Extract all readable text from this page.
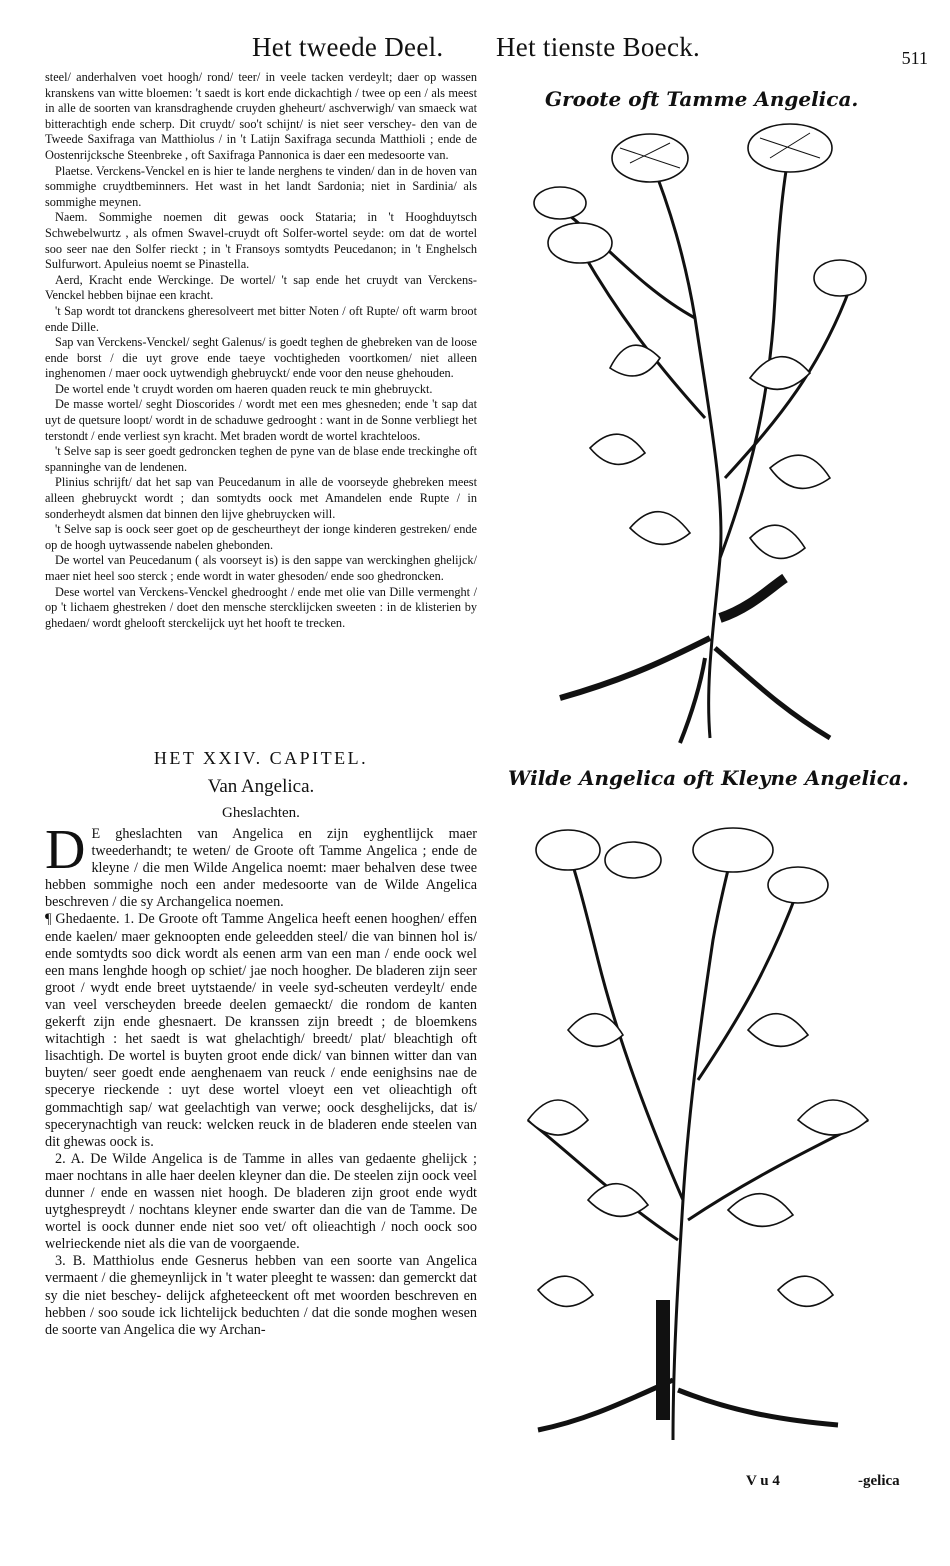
Het tweede Deel. Het tienste Boeck.	511

steel/ anderhalven voet hoogh/ rond/ teer/ in veele tacken verdeylt; daer op wassen kranskens van witte bloemen: 't saedt is kort ende dickachtigh / twee op een / als meest in alle de soorten van kransdraghende cruyden gheheurt/ aschverwigh/ van smaeck wat bitterachtigh ende scherp. Dit cruydt/ soo't schijnt/ is niet seer verschey- den van de Tweede Saxifraga van Matthiolus / in 't Latijn Saxifraga secunda Matthioli ; ende de Oostenrijcksche Steenbreke , oft Saxifraga Pannonica is daer een medesoorte van.

Plaetse. Verckens-Venckel en is hier te lande nerghens te vinden/ dan in de hoven van sommighe cruydtbeminners. Het wast in het landt Sardonia; niet in Sardinia/ als sommighe meynen.

Naem. Sommighe noemen dit gewas oock Stataria; in 't Hooghduytsch Schwebelwurtz , als ofmen Swavel-cruydt oft Solfer-wortel seyde: om dat de wortel soo seer nae den Solfer rieckt ; in 't Fransoys somtydts Peucedanon; in 't Enghelsch Sulfurwort. Apuleius noemt se Pinastella.

Aerd, Kracht ende Werckinge. De wortel/ 't sap ende het cruydt van Verckens-Venckel hebben bijnae een kracht.

't Sap wordt tot dranckens gheresolveert met bitter Noten / oft Rupte/ oft warm broot ende Dille.

Sap van Verckens-Venckel/ seght Galenus/ is goedt teghen de ghebreken van de loose ende borst / die uyt grove ende taeye vochtigheden voortkomen/ niet alleen inghenomen / maer oock uytwendigh ghebruyckt/ ende voor den neuse ghehouden.

De wortel ende 't cruydt worden om haeren quaden reuck te min ghebruyckt.

De masse wortel/ seght Dioscorides / wordt met een mes ghesneden; ende 't sap dat uyt de quetsure loopt/ wordt in de schaduwe gedrooght : want in de Sonne verbliegt het terstondt / ende verliest syn kracht. Met braden wordt de wortel krachteloos.

't Selve sap is seer goedt gedroncken teghen de pyne van de blase ende treckinghe oft spanninghe van de lendenen.

Plinius schrijft/ dat het sap van Peucedanum in alle de voorseyde ghebreken meest alleen ghebruyckt wordt ; dan somtydts oock met Amandelen ende Rupte / in sonderheydt alsmen dat binnen den lijve ghebruycken will.

't Selve sap is oock seer goet op de gescheurtheyt der ionge kinderen gestreken/ ende op de hoogh uytwassende nabelen ghebonden.

De wortel van Peucedanum ( als voorseyt is) is den sappe van werckinghen ghelijck/ maer niet heel soo sterck ; ende wordt in water ghesoden/ ende soo ghedroncken.

Dese wortel van Verckens-Venckel ghedrooght / ende met olie van Dille vermenght / op 't lichaem ghestreken / doet den mensche stercklijcken sweeten : in de klisterien by ghedaen/ wordt ghelooft sterckelijck uyt het hooft te trecken.

HET XXIV. CAPITEL.
Van Angelica.
Gheslachten.

D E gheslachten van Angelica en zijn eyghentlijck maer tweederhandt; te weten/ de Groote oft Tamme Angelica ; ende de kleyne / die men Wilde Angelica noemt: maer behalven dese twee hebben sommighe noch een ander medesoorte van de Wilde Angelica beschreven / die sy Archangelica noemen.

¶ Ghedaente. 1. De Groote oft Tamme Angelica heeft eenen hooghen/ effen ende kaelen/ maer geknoopten ende geleedden steel/ die van binnen hol is/ ende somtydts soo dick wordt als eenen arm van een man / ende oock wel een mans lenghde hoogh op schiet/ jae noch hoogher. De bladeren zijn seer groot / wydt ende breet uytstaende/ in veele syd-scheuten verdeylt/ ende van veel verscheyden breede deelen gemaeckt/ die rondom de kanten gekerft zijn ende ghesnaert. De kranssen zijn breedt ; de bloemkens witachtigh : het saedt is wat ghelachtigh/ breedt/ plat/ bleachtigh oft lisachtigh. De wortel is buyten groot ende dick/ van binnen witter dan van buyten/ seer goedt ende aenghenaem van reuck / ende eenighsins nae de specerye rieckende : uyt dese wortel vloeyt een vet olieachtigh oft gommachtigh sap/ wat geelachtigh van verwe; oock desghelijcks, dat is/ specerynachtigh van reuck: welcken reuck in de bladeren ende steelen van dit ghewas oock is.

2. A. De Wilde Angelica is de Tamme in alles van gedaente ghelijck ; maer nochtans in alle haer deelen kleyner dan die. De steelen zijn oock veel dunner / ende en wassen niet hoogh. De bladeren zijn groot ende wydt uytghespreydt / nochtans kleyner ende swarter dan die van de Tamme. De wortel is oock dunner ende niet soo vet/ oft olieachtigh / noch oock soo welrieckende niet als die van de voorgaende.

3. B. Matthiolus ende Gesnerus hebben van een soorte van Angelica vermaent / die ghemeynlijck in 't water pleeght te wassen: dan gemerckt dat sy die niet beschey- delijck afgheteeckent oft met woorden beschreven en hebben / soo soude ick lichtelijck beduchten / dat die sonde moghen wesen de soorte van Angelica die wy Archan-

Groote oft Tamme Angelica.
Wilde Angelica oft Kleyne Angelica.
V u 4	-gelica
